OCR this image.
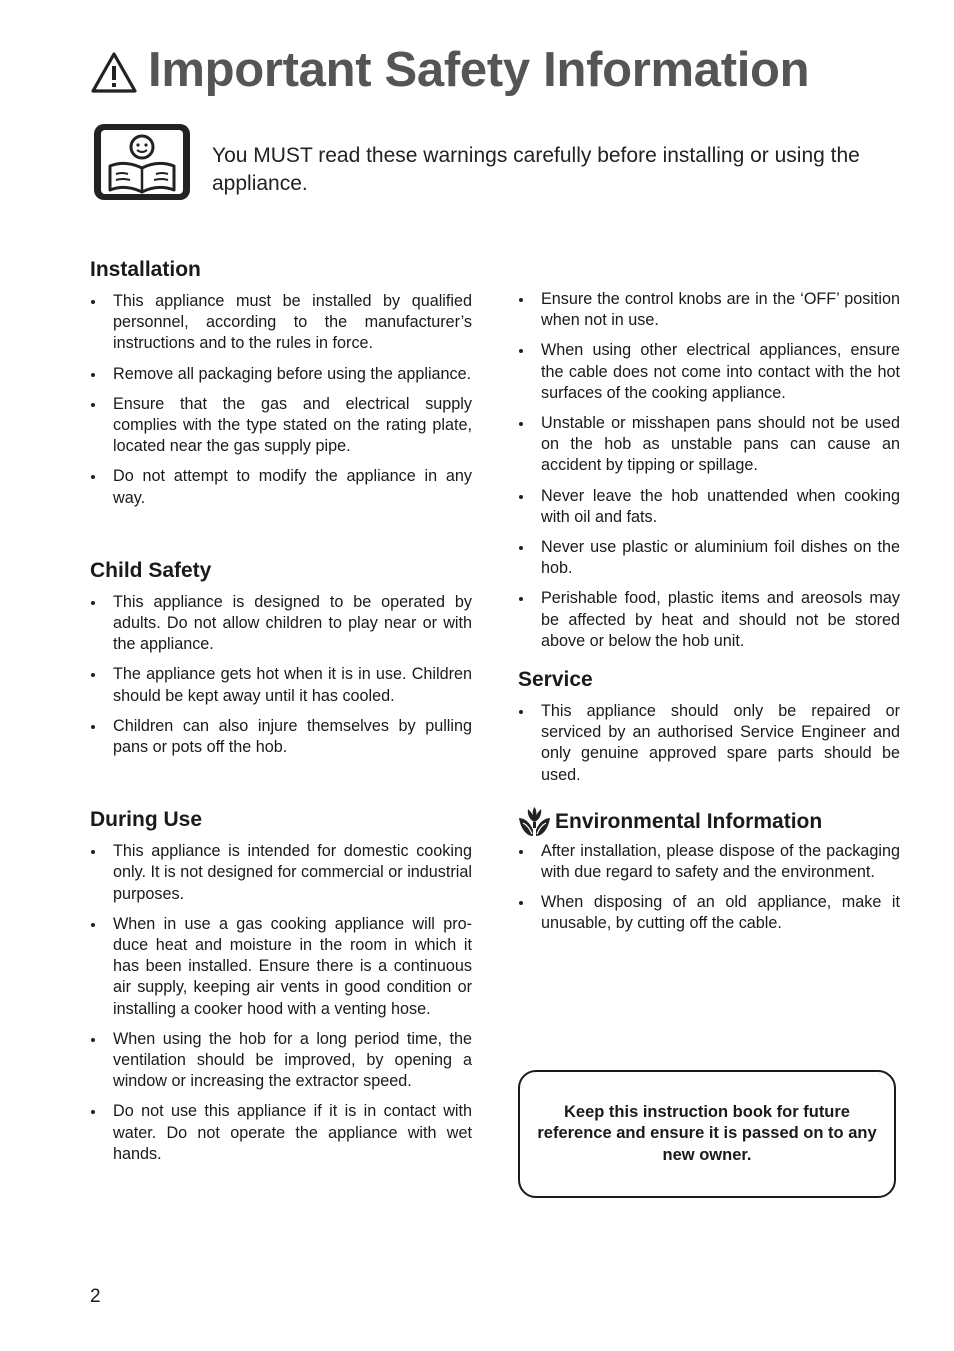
Important Safety Information

You MUST read these warnings carefully before installing or using the appliance.

Installation
This appliance must be installed by qualified personnel, according to the manufacturer’s instructions and to the rules in force.
Remove all packaging before using the appliance.
Ensure that the gas and electrical supply complies with the type stated on the rating plate, located near the gas supply pipe.
Do not attempt to modify the appliance in any way.
Child Safety
This appliance is designed to be operated by adults. Do not allow children to play near or with the appliance.
The appliance gets hot when it is in use. Children should be kept away until it has cooled.
Children can also injure themselves by pulling pans or pots off the hob.
During Use
This appliance is intended for domestic cooking only. It is not designed for commercial or industrial purposes.
When in use a gas cooking appliance will pro-duce heat and moisture in the room in which it has been installed. Ensure there is a continuous air supply, keeping air vents in good condition or installing a cooker hood with a venting hose.
When using the hob for a long period time, the ventilation should be improved, by opening a window or increasing the extractor speed.
Do not use this appliance if it is in contact with water. Do not operate the appliance with wet hands.
Ensure the control knobs are in the ‘OFF’ position when not in use.
When using other electrical appliances, ensure the cable does not come into contact with the hot surfaces of the cooking appliance.
Unstable or misshapen pans should not be used on the hob as unstable pans can cause an accident by tipping or spillage.
Never leave the hob unattended when cooking with oil and fats.
Never use plastic or aluminium foil dishes on the hob.
Perishable food, plastic items and areosols may be affected by heat and should not be stored above or below the hob unit.
Service
This appliance should only be repaired or serviced by an authorised Service Engineer and only genuine approved spare parts should be used.
Environmental Information
After installation, please dispose of the packaging with due regard to safety and the environment.
When disposing of an old appliance, make it unusable, by cutting off the cable.

Keep this instruction book for future reference and ensure it is passed on to any new owner.

2
